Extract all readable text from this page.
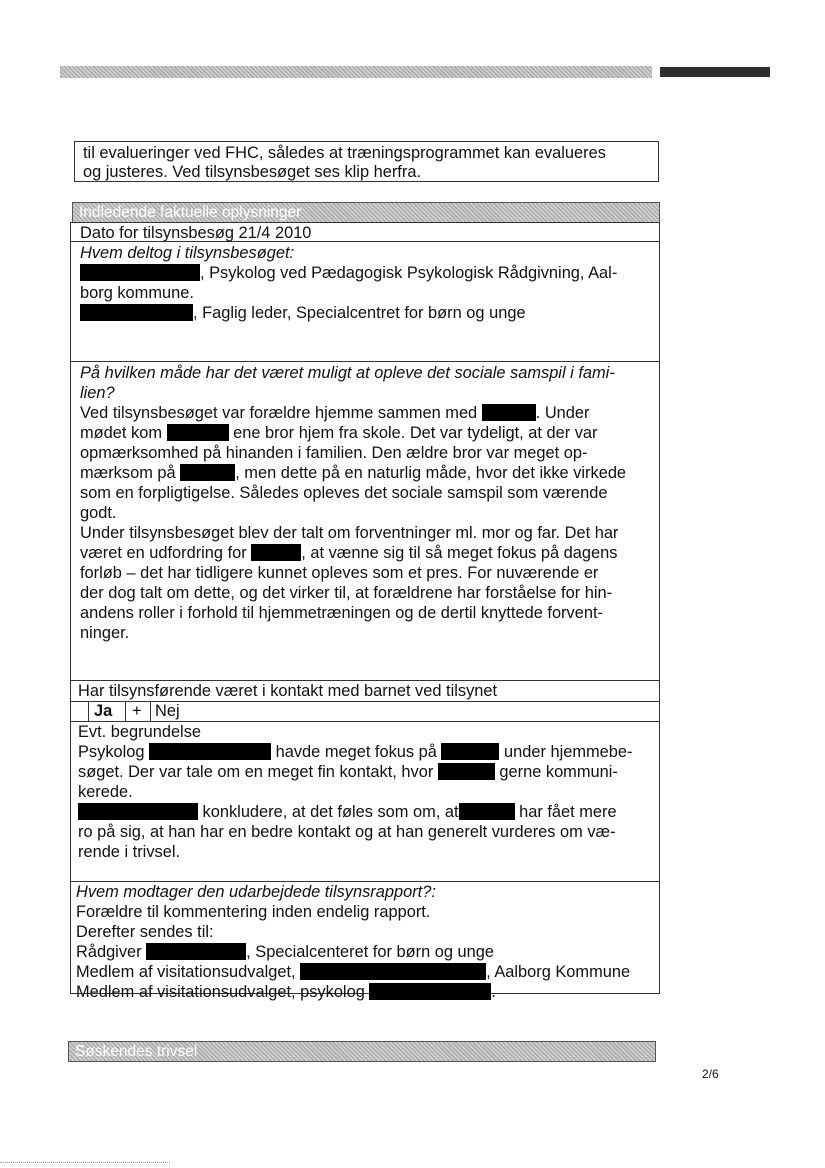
til evalueringer ved FHC, således at træningsprogrammet kan evalueres
og justeres. Ved tilsynsbesøget ses klip herfra.
Indledende faktuelle oplysninger
Dato for tilsynsbesøg 21/4 2010
Hvem deltog i tilsynsbesøget:
, Psykolog ved Pædagogisk Psykologisk Rådgivning, Aal-
borg kommune.
, Faglig leder, Specialcentret for børn og unge
På hvilken måde har det været muligt at opleve det sociale samspil i fami-
lien?
Ved tilsynsbesøget var forældre hjemme sammen med	. Under
mødet kom	ene bror hjem fra skole. Det var tydeligt, at der var
opmærksomhed på hinanden i familien. Den ældre bror var meget op-
mærksom på	, men dette på en naturlig måde, hvor det ikke virkede
som en forpligtigelse. Således opleves det sociale samspil som værende
godt.
Under tilsynsbesøget blev der talt om forventninger ml. mor og far. Det har
været en udfordring for	, at vænne sig til så meget fokus på dagens
forløb – det har tidligere kunnet opleves som et pres. For nuværende er
der dog talt om dette, og det virker til, at forældrene har forståelse for hin-
andens roller i forhold til hjemmetræningen og de dertil knyttede forvent-
ninger.
Har tilsynsførende været i kontakt med barnet ved tilsynet
Ja + Nej
Evt. begrundelse
Psykolog	havde meget fokus på	under hjemmebe-
søget. Der var tale om en meget fin kontakt, hvor	gerne kommuni-
kerede.
konkludere, at det føles som om, at	har fået mere
ro på sig, at han har en bedre kontakt og at han generelt vurderes om væ-
rende i trivsel.
Hvem modtager den udarbejdede tilsynsrapport?:
Forældre til kommentering inden endelig rapport.
Derefter sendes til:
Rådgiver	, Specialcenteret for børn og unge
Medlem af visitationsudvalget,	, Aalborg Kommune
Medlem af visitationsudvalget, psykolog	.
Søskendes trivsel
2/6
